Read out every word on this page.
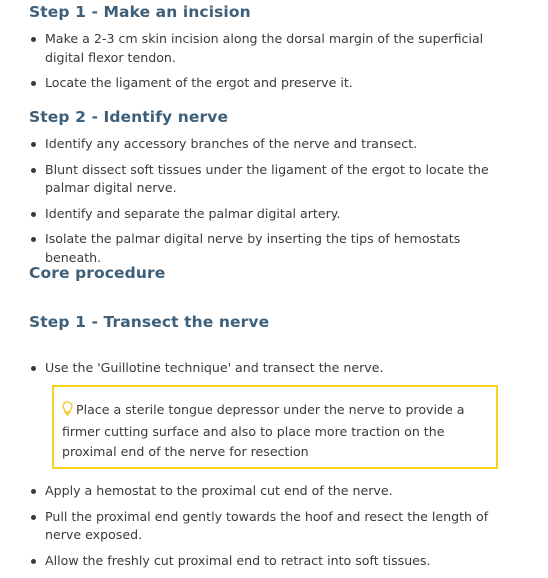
Step 1 - Make an incision
Make a 2-3 cm skin incision along the dorsal margin of the superficial digital flexor tendon.
Locate the ligament of the ergot and preserve it.
Step 2 - Identify nerve
Identify any accessory branches of the nerve and transect.
Blunt dissect soft tissues under the ligament of the ergot to locate the palmar digital nerve.
Identify and separate the palmar digital artery.
Isolate the palmar digital nerve by inserting the tips of hemostats beneath.
Core procedure
Step 1 - Transect the nerve
Use the 'Guillotine technique' and transect the nerve.
Place a sterile tongue depressor under the nerve to provide a firmer cutting surface and also to place more traction on the proximal end of the nerve for resection
Apply a hemostat to the proximal cut end of the nerve.
Pull the proximal end gently towards the hoof and resect the length of nerve exposed.
Allow the freshly cut proximal end to retract into soft tissues.
